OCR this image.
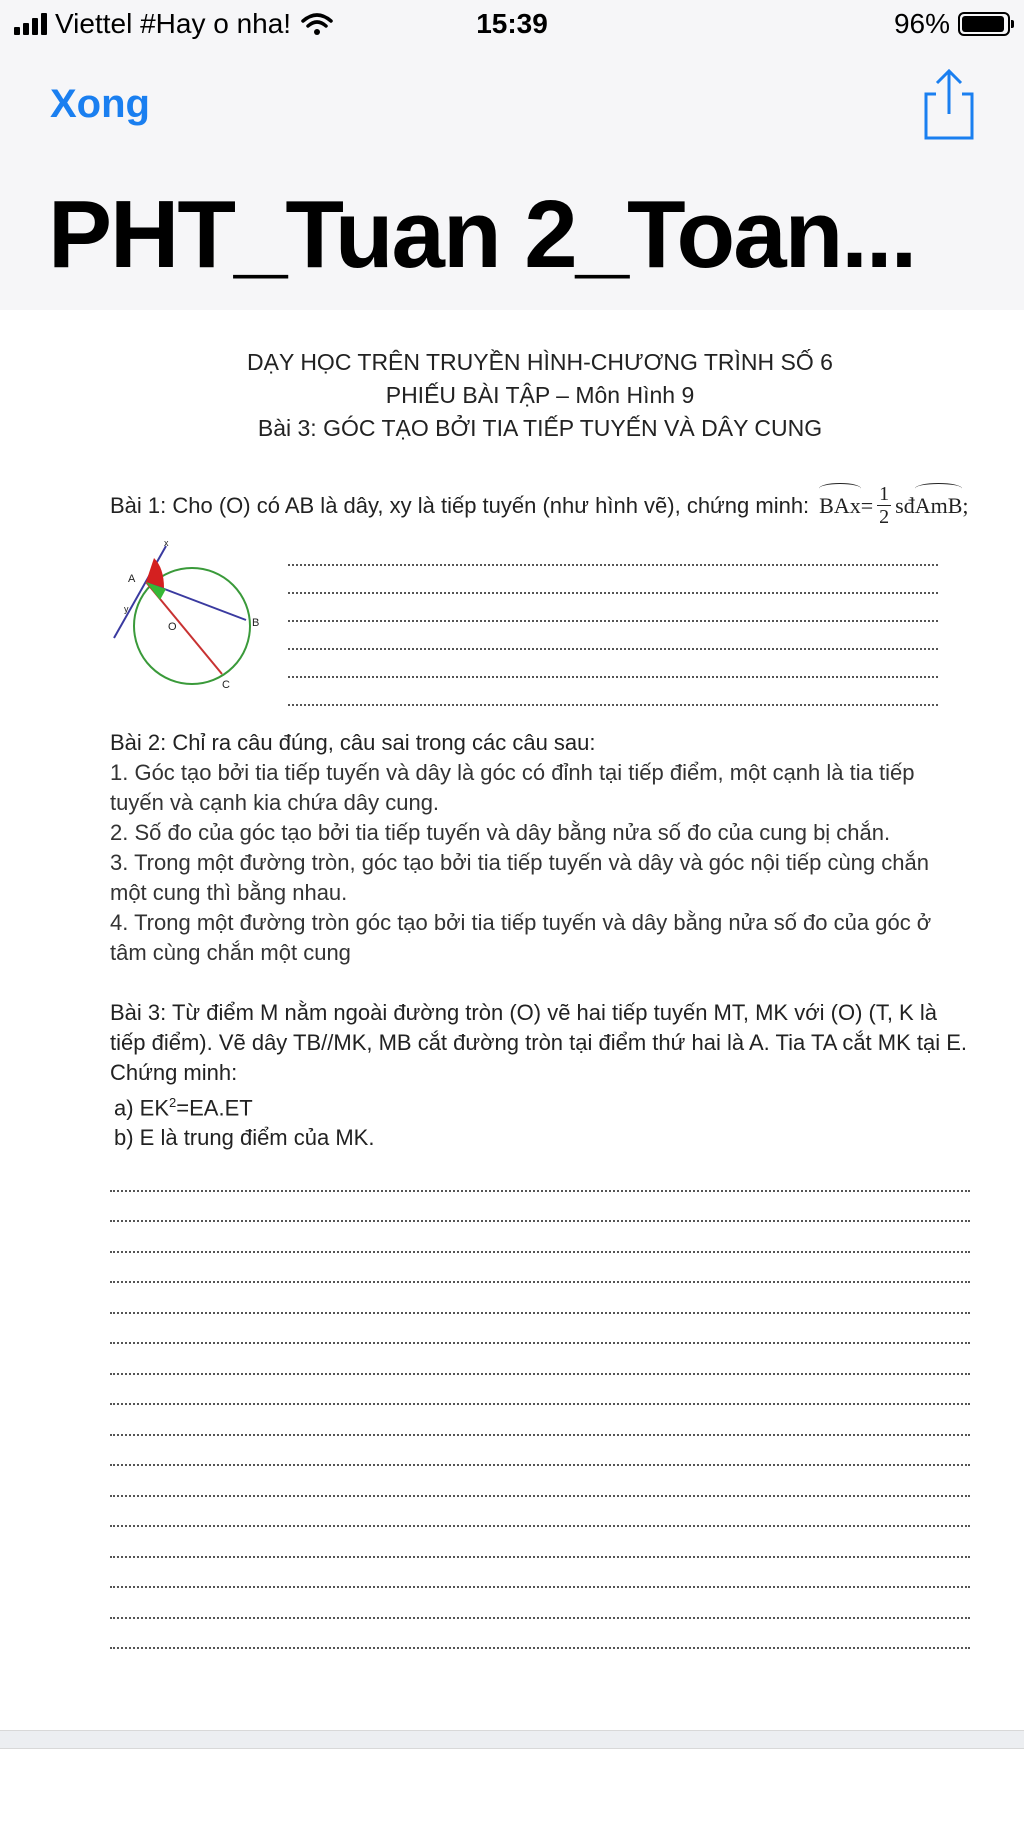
Viettel #Hay o nha!	15:39	96%
Xong
PHT_Tuan 2_Toan...
DẠY HỌC TRÊN TRUYỀN HÌNH-CHƯƠNG TRÌNH SỐ 6
PHIẾU BÀI TẬP – Môn Hình 9
Bài 3: GÓC TẠO BỞI TIA TIẾP TUYẾN VÀ DÂY CUNG
Bài 1: Cho (O) có AB là dây, xy là tiếp tuyến (như hình vẽ), chứng minh: BAx = $\frac{1}{2}$ sđ AmB ;
A
B
C
O
x
y
Bài 2: Chỉ ra câu đúng, câu sai trong các câu sau:
1. Góc tạo bởi tia tiếp tuyến và dây là góc có đỉnh tại tiếp điểm, một cạnh là tia tiếp tuyến và cạnh kia chứa dây cung.
2. Số đo của góc tạo bởi tia tiếp tuyến và dây bằng nửa số đo của cung bị chắn.
3. Trong một đường tròn, góc tạo bởi tia tiếp tuyến và dây và góc nội tiếp cùng chắn một cung thì bằng nhau.
4. Trong một đường tròn góc tạo bởi tia tiếp tuyến và dây bằng nửa số đo của góc ở tâm cùng chắn một cung
Bài 3: Từ điểm M nằm ngoài đường tròn (O) vẽ hai tiếp tuyến MT, MK với (O) (T, K là tiếp điểm). Vẽ dây TB//MK, MB cắt đường tròn tại điểm thứ hai là A. Tia TA cắt MK tại E. Chứng minh:
a) $EK^2=EA.ET$
b) E là trung điểm của MK.
